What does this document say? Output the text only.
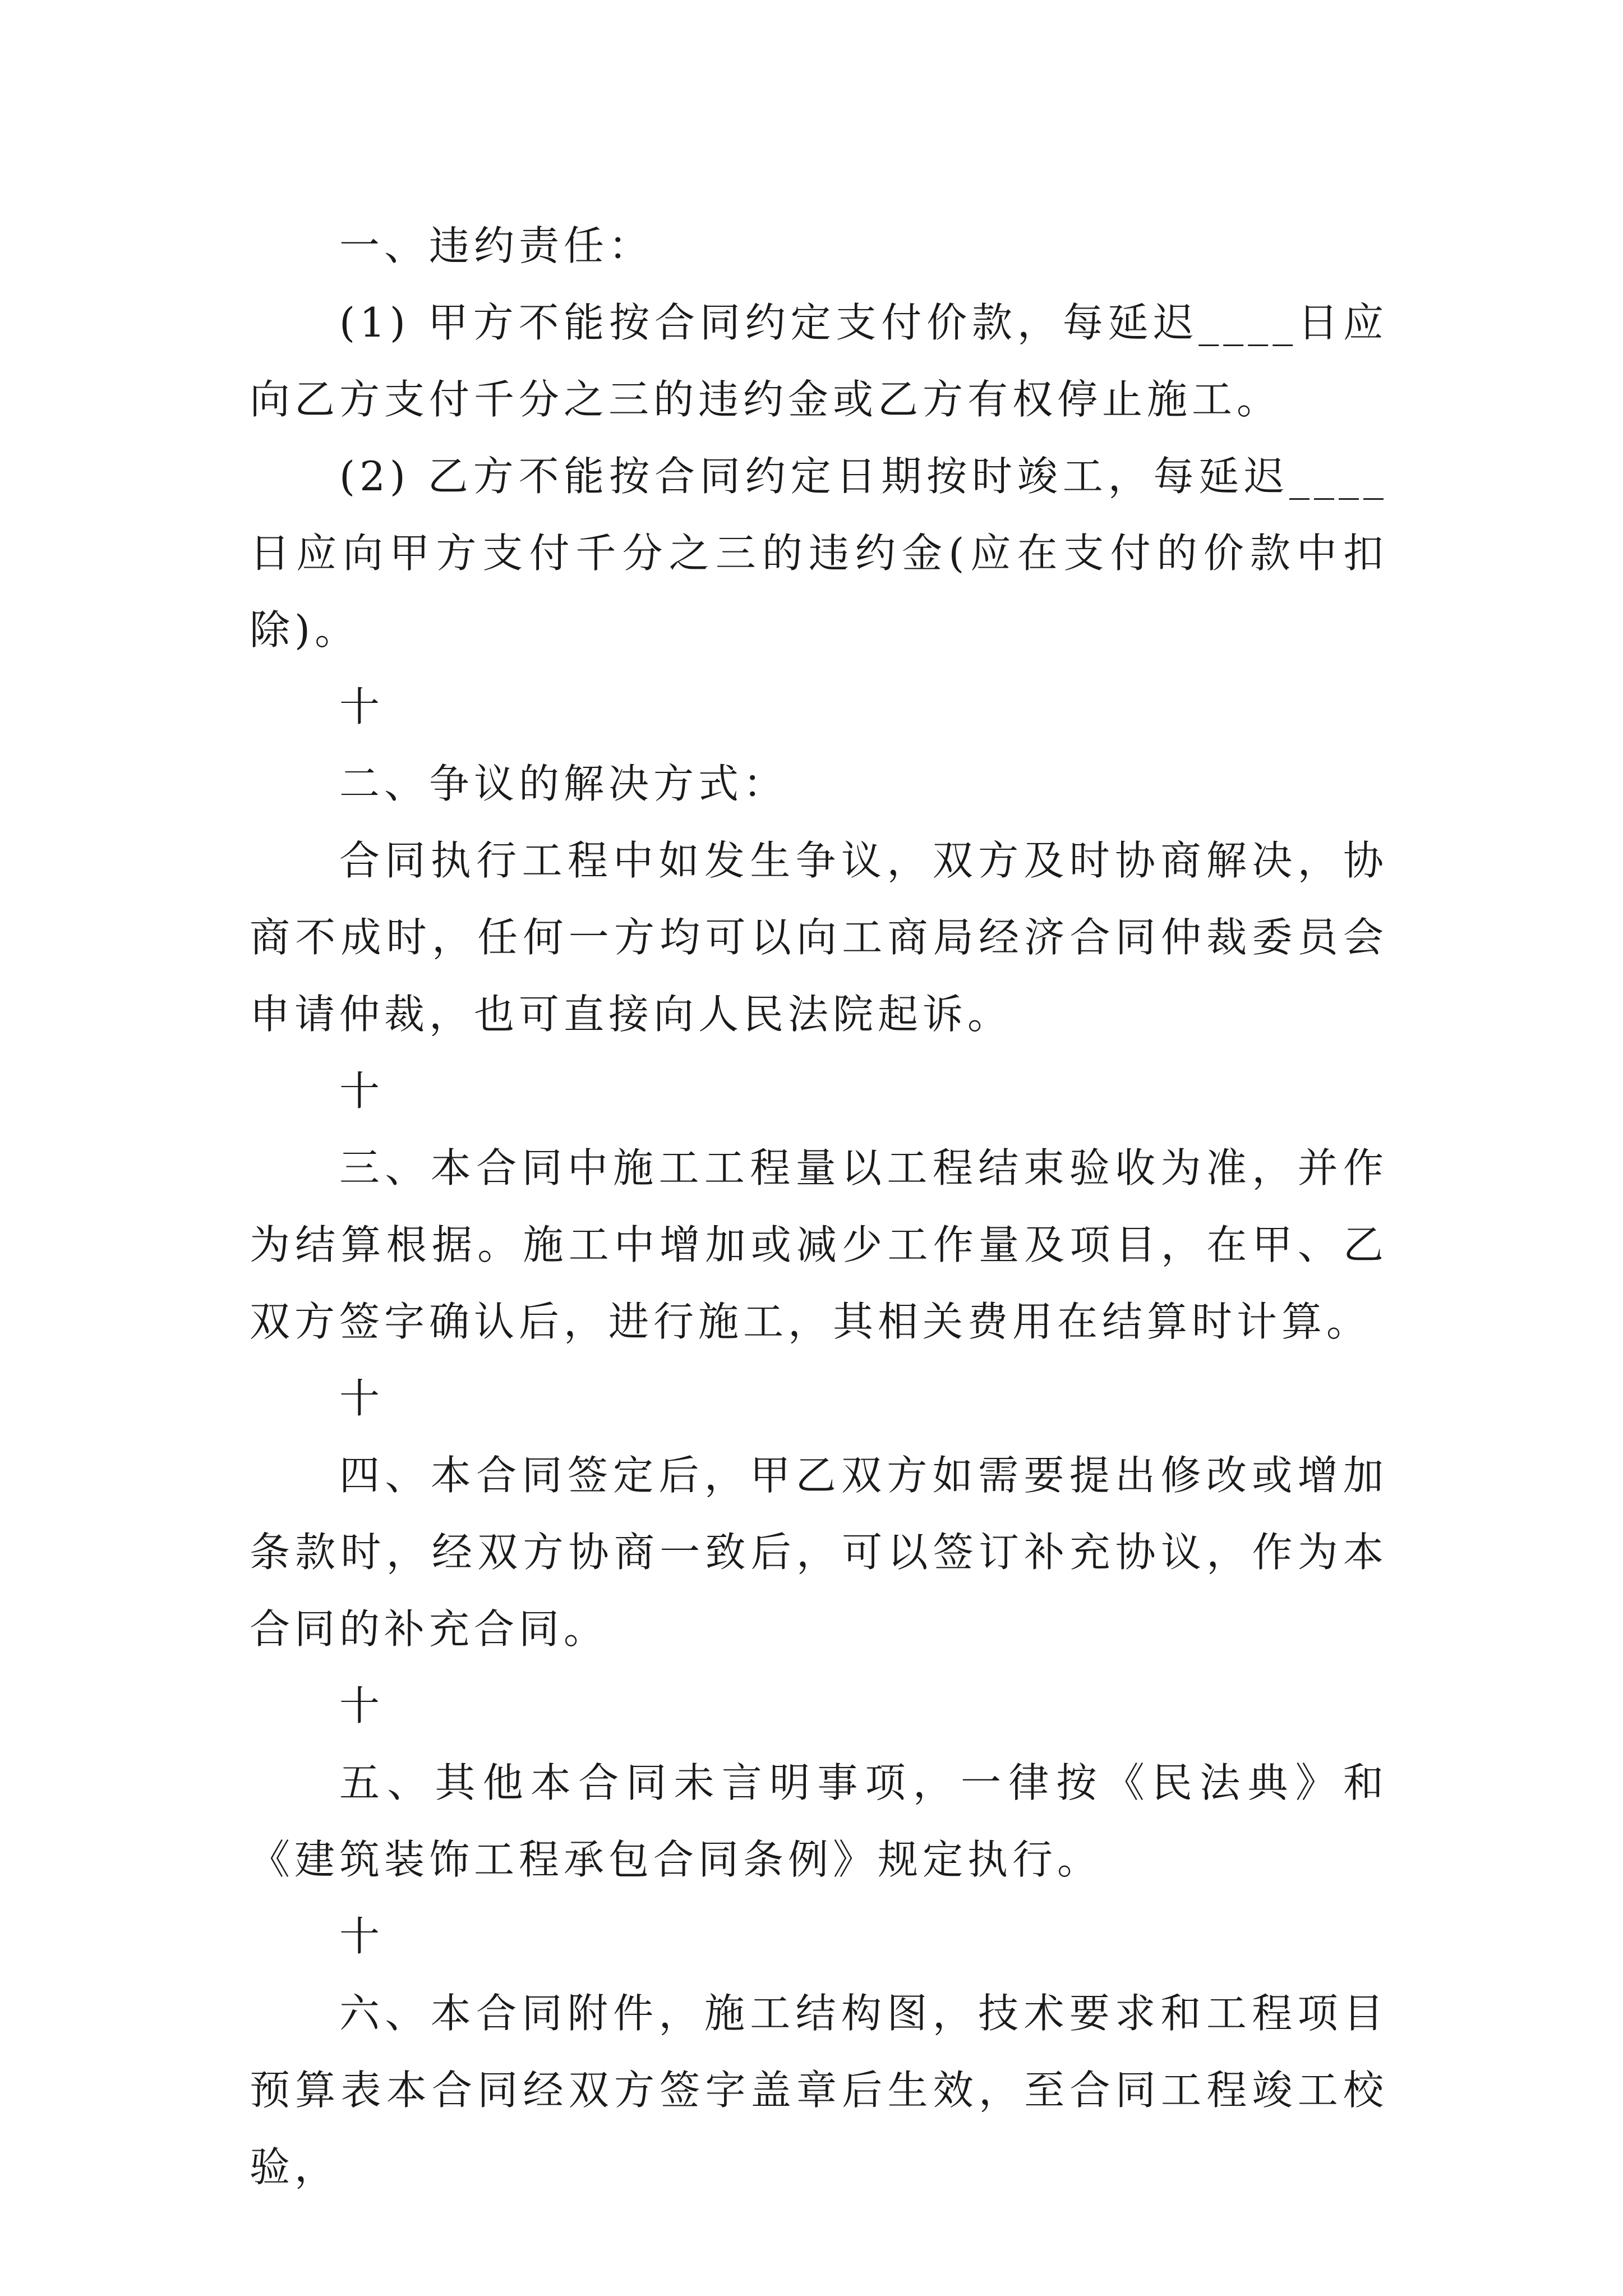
一、违约责任：

(1) 甲方不能按合同约定支付价款，每延迟____日应向乙方支付千分之三的违约金或乙方有权停止施工。

(2) 乙方不能按合同约定日期按时竣工，每延迟____日应向甲方支付千分之三的违约金(应在支付的价款中扣除)。

十

二、争议的解决方式：

合同执行工程中如发生争议，双方及时协商解决，协商不成时，任何一方均可以向工商局经济合同仲裁委员会申请仲裁，也可直接向人民法院起诉。

十

三、本合同中施工工程量以工程结束验收为准，并作为结算根据。施工中增加或减少工作量及项目，在甲、乙双方签字确认后，进行施工，其相关费用在结算时计算。

十

四、本合同签定后，甲乙双方如需要提出修改或增加条款时，经双方协商一致后，可以签订补充协议，作为本合同的补充合同。

十

五、其他本合同未言明事项，一律按《民法典》和《建筑装饰工程承包合同条例》规定执行。

十

六、本合同附件，施工结构图，技术要求和工程项目预算表本合同经双方签字盖章后生效，至合同工程竣工校验，
